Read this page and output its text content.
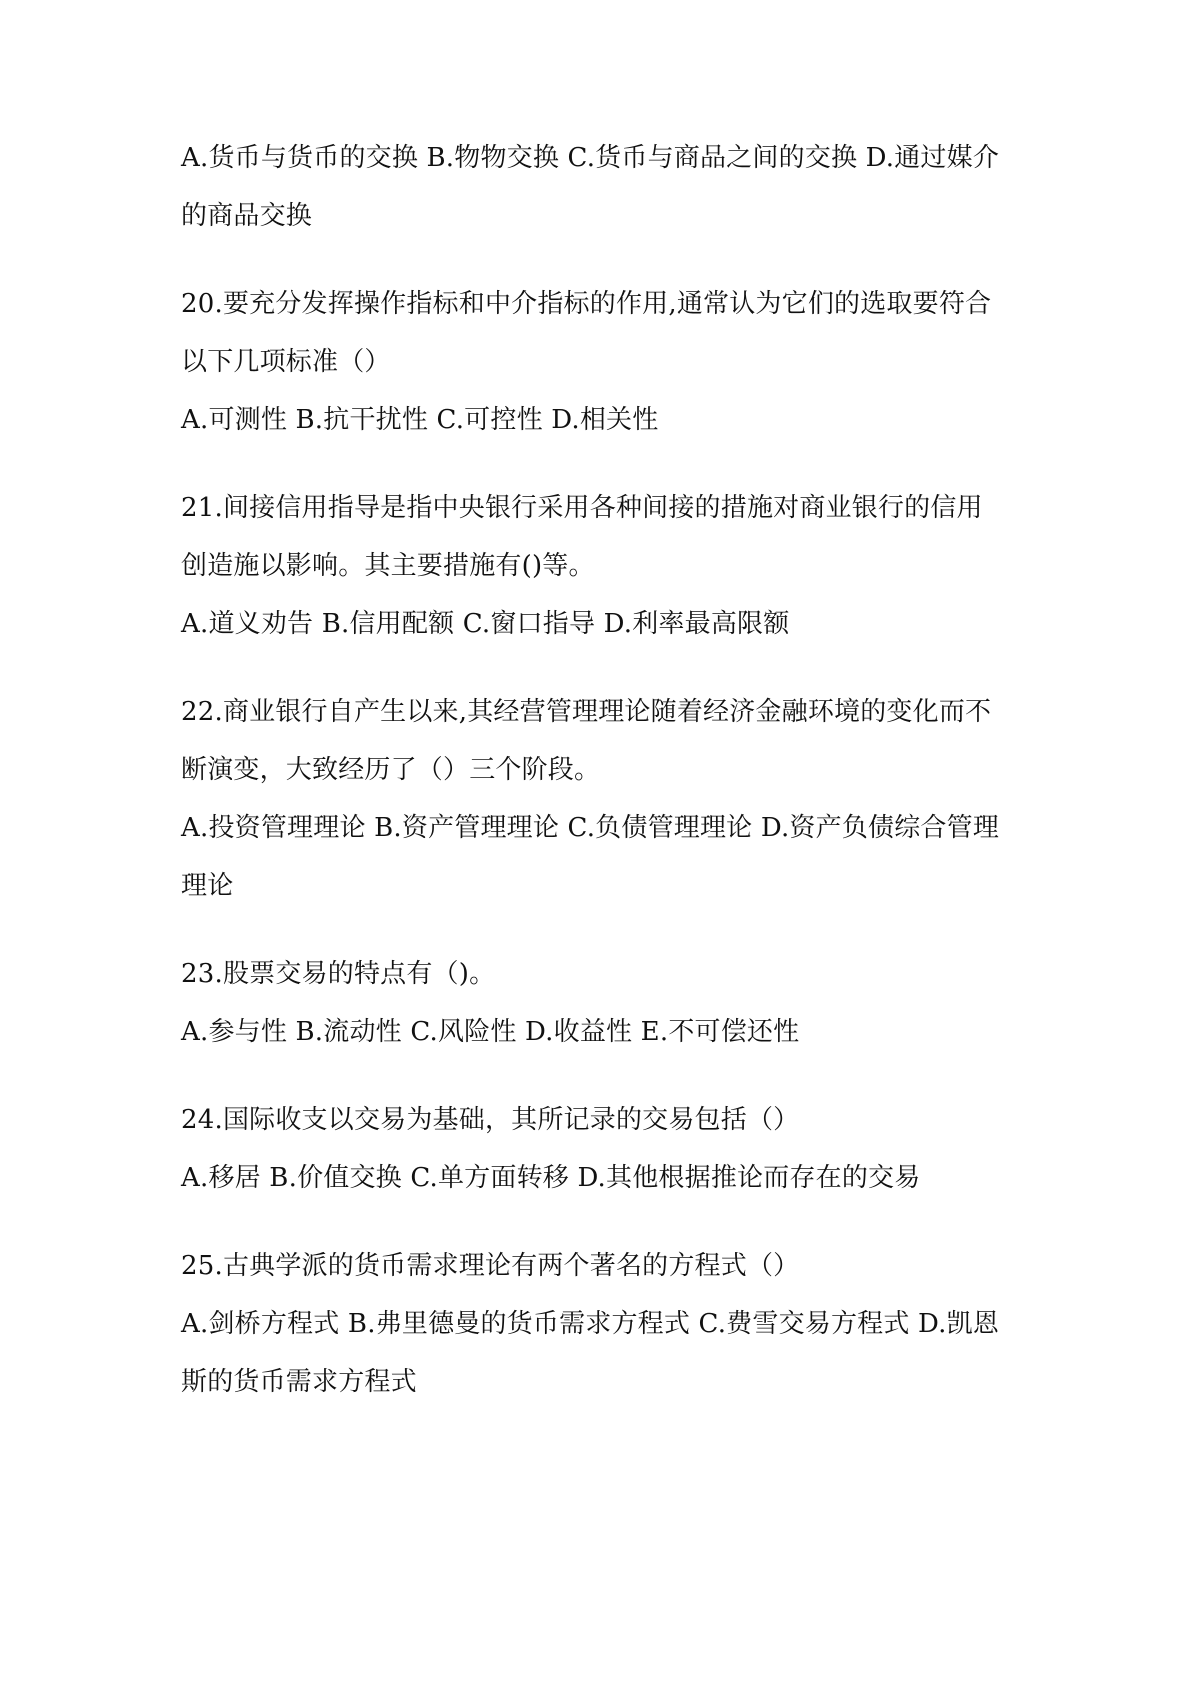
A.货币与货币的交换 B.物物交换 C.货币与商品之间的交换 D.通过媒介
的商品交换
20.要充分发挥操作指标和中介指标的作用,通常认为它们的选取要符合
以下几项标准（）
A.可测性 B.抗干扰性 C.可控性 D.相关性
21.间接信用指导是指中央银行采用各种间接的措施对商业银行的信用
创造施以影响。其主要措施有()等。
A.道义劝告 B.信用配额 C.窗口指导 D.利率最高限额
22.商业银行自产生以来,其经营管理理论随着经济金融环境的变化而不
断演变，大致经历了（）三个阶段。
A.投资管理理论 B.资产管理理论 C.负债管理理论 D.资产负债综合管理
理论
23.股票交易的特点有（)。
A.参与性 B.流动性 C.风险性 D.收益性 E.不可偿还性
24.国际收支以交易为基础，其所记录的交易包括（）
A.移居 B.价值交换 C.单方面转移 D.其他根据推论而存在的交易
25.古典学派的货币需求理论有两个著名的方程式（）
A.剑桥方程式 B.弗里德曼的货币需求方程式 C.费雪交易方程式 D.凯恩
斯的货币需求方程式
